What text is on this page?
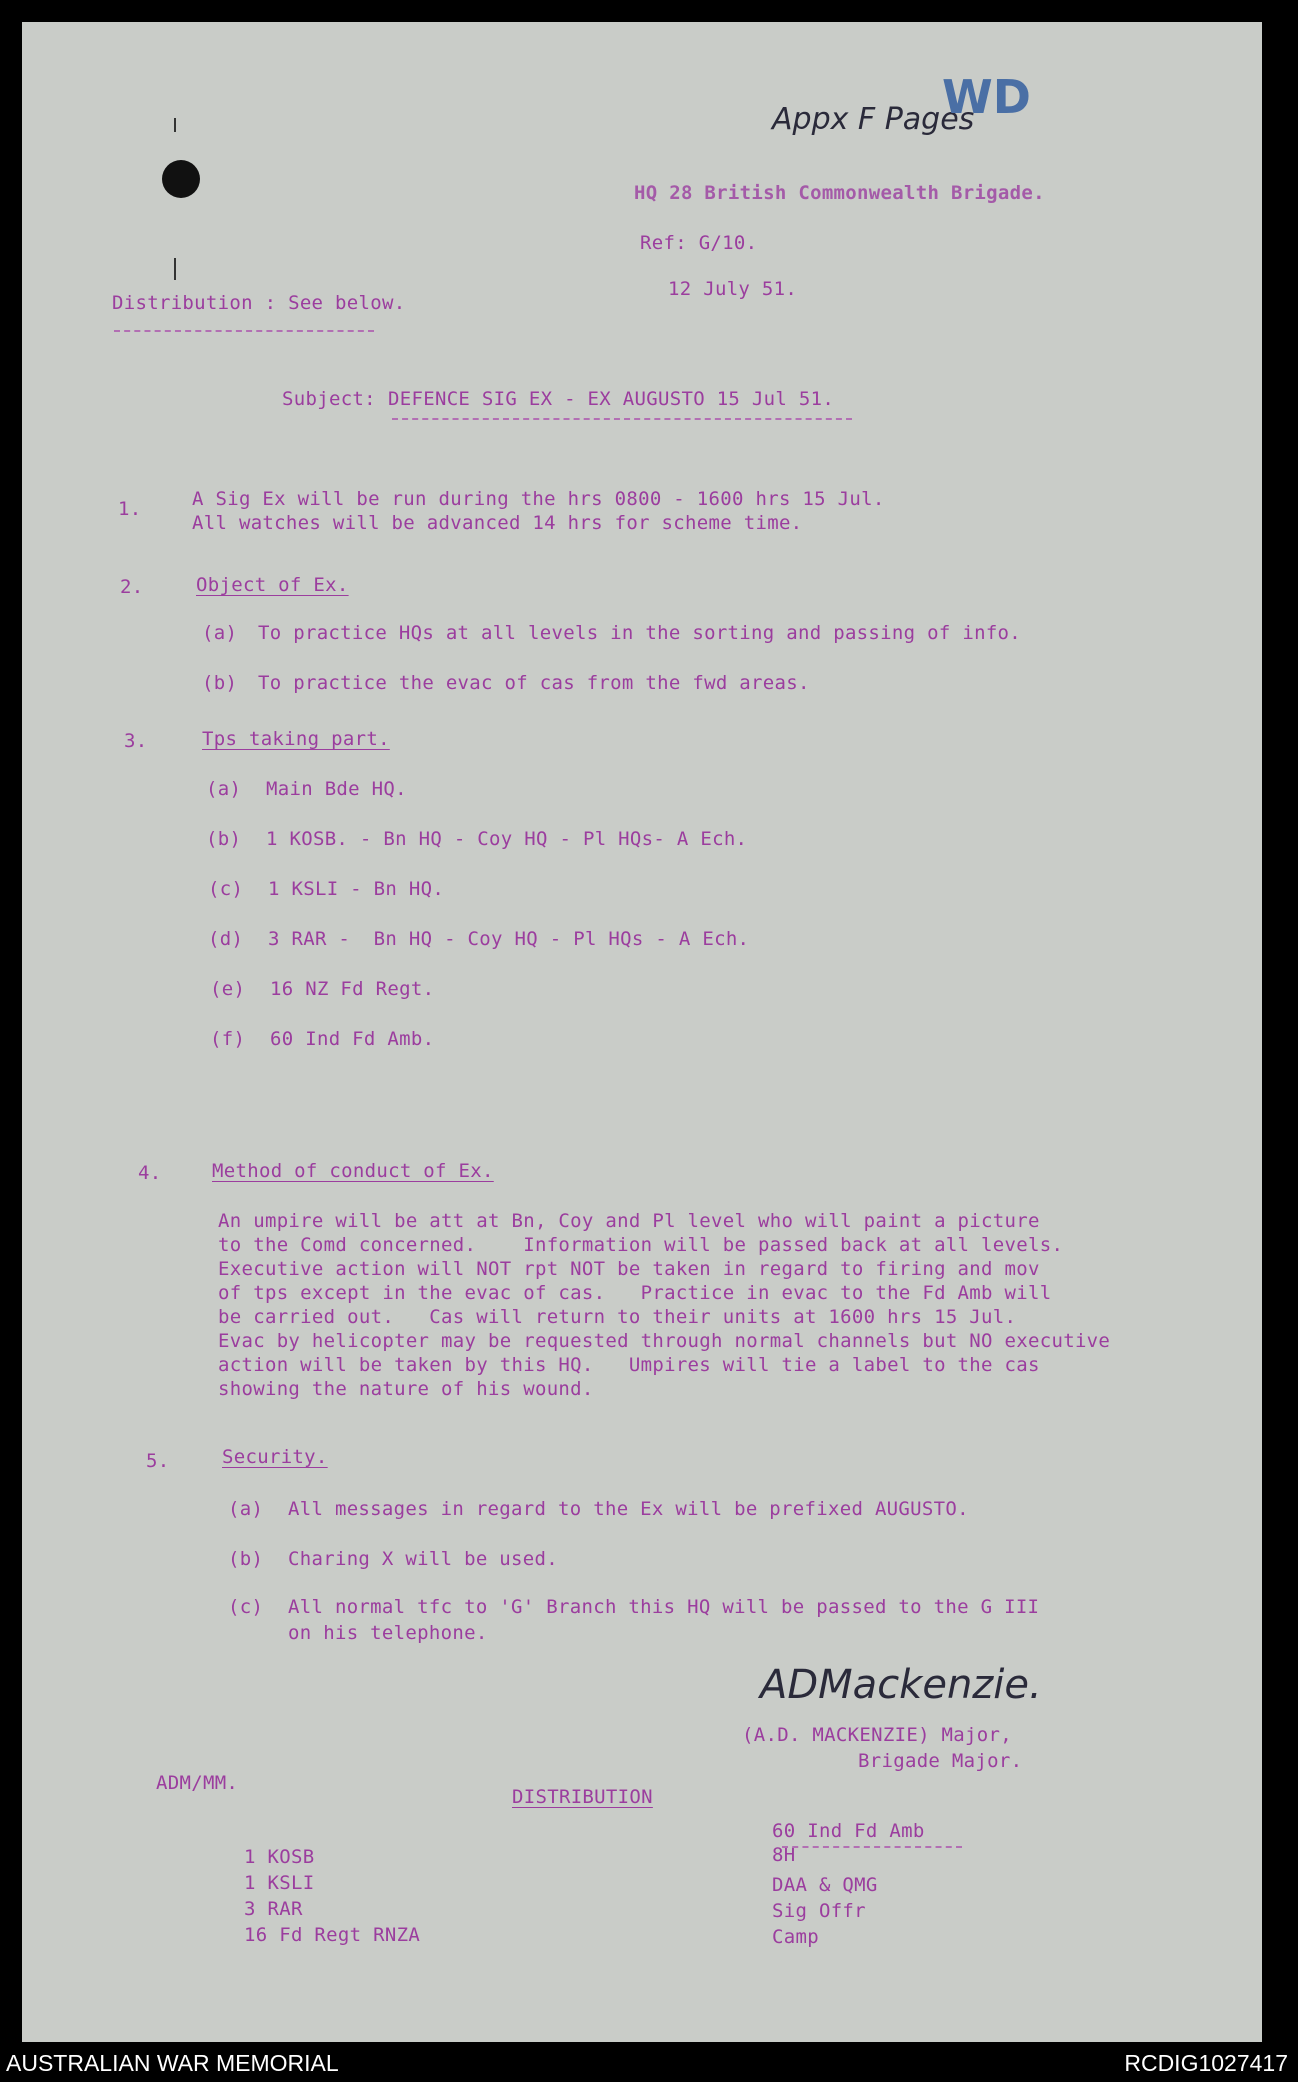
Appx F Pages
WD
HQ 28 British Commonwealth Brigade.
Ref: G/10.
12 July 51.
Distribution : See below.
Subject: DEFENCE SIG EX - EX AUGUSTO 15 Jul 51.
1.	A Sig Ex will be run during the hrs 0800 - 1600 hrs 15 Jul.
All watches will be advanced 14 hrs for scheme time.
2.	Object of Ex.
(a) To practice HQs at all levels in the sorting and passing of info.
(b) To practice the evac of cas from the fwd areas.
3.	Tps taking part.
(a) Main Bde HQ.
(b) 1 KOSB. - Bn HQ - Coy HQ - Pl HQs- A Ech.
(c) 1 KSLI - Bn HQ.
(d) 3 RAR -  Bn HQ - Coy HQ - Pl HQs - A Ech.
(e) 16 NZ Fd Regt.
(f) 60 Ind Fd Amb.
4.	Method of conduct of Ex.
An umpire will be att at Bn, Coy and Pl level who will paint a picture
to the Comd concerned.    Information will be passed back at all levels.
Executive action will NOT rpt NOT be taken in regard to firing and mov
of tps except in the evac of cas.   Practice in evac to the Fd Amb will
be carried out.   Cas will return to their units at 1600 hrs 15 Jul.
Evac by helicopter may be requested through normal channels but NO executive
action will be taken by this HQ.   Umpires will tie a label to the cas
showing the nature of his wound.
5.	Security.
(a) All messages in regard to the Ex will be prefixed AUGUSTO.
(b) Charing X will be used.
(c) All normal tfc to 'G' Branch this HQ will be passed to the G III
on his telephone.
ADMackenzie.
(A.D. MACKENZIE) Major,
Brigade Major.
ADM/MM.
DISTRIBUTION
1 KOSB
1 KSLI
3 RAR
16 Fd Regt RNZA
60 Ind Fd Amb
8H
DAA & QMG
Sig Offr
Camp
AUSTRALIAN WAR MEMORIAL	RCDIG1027417
